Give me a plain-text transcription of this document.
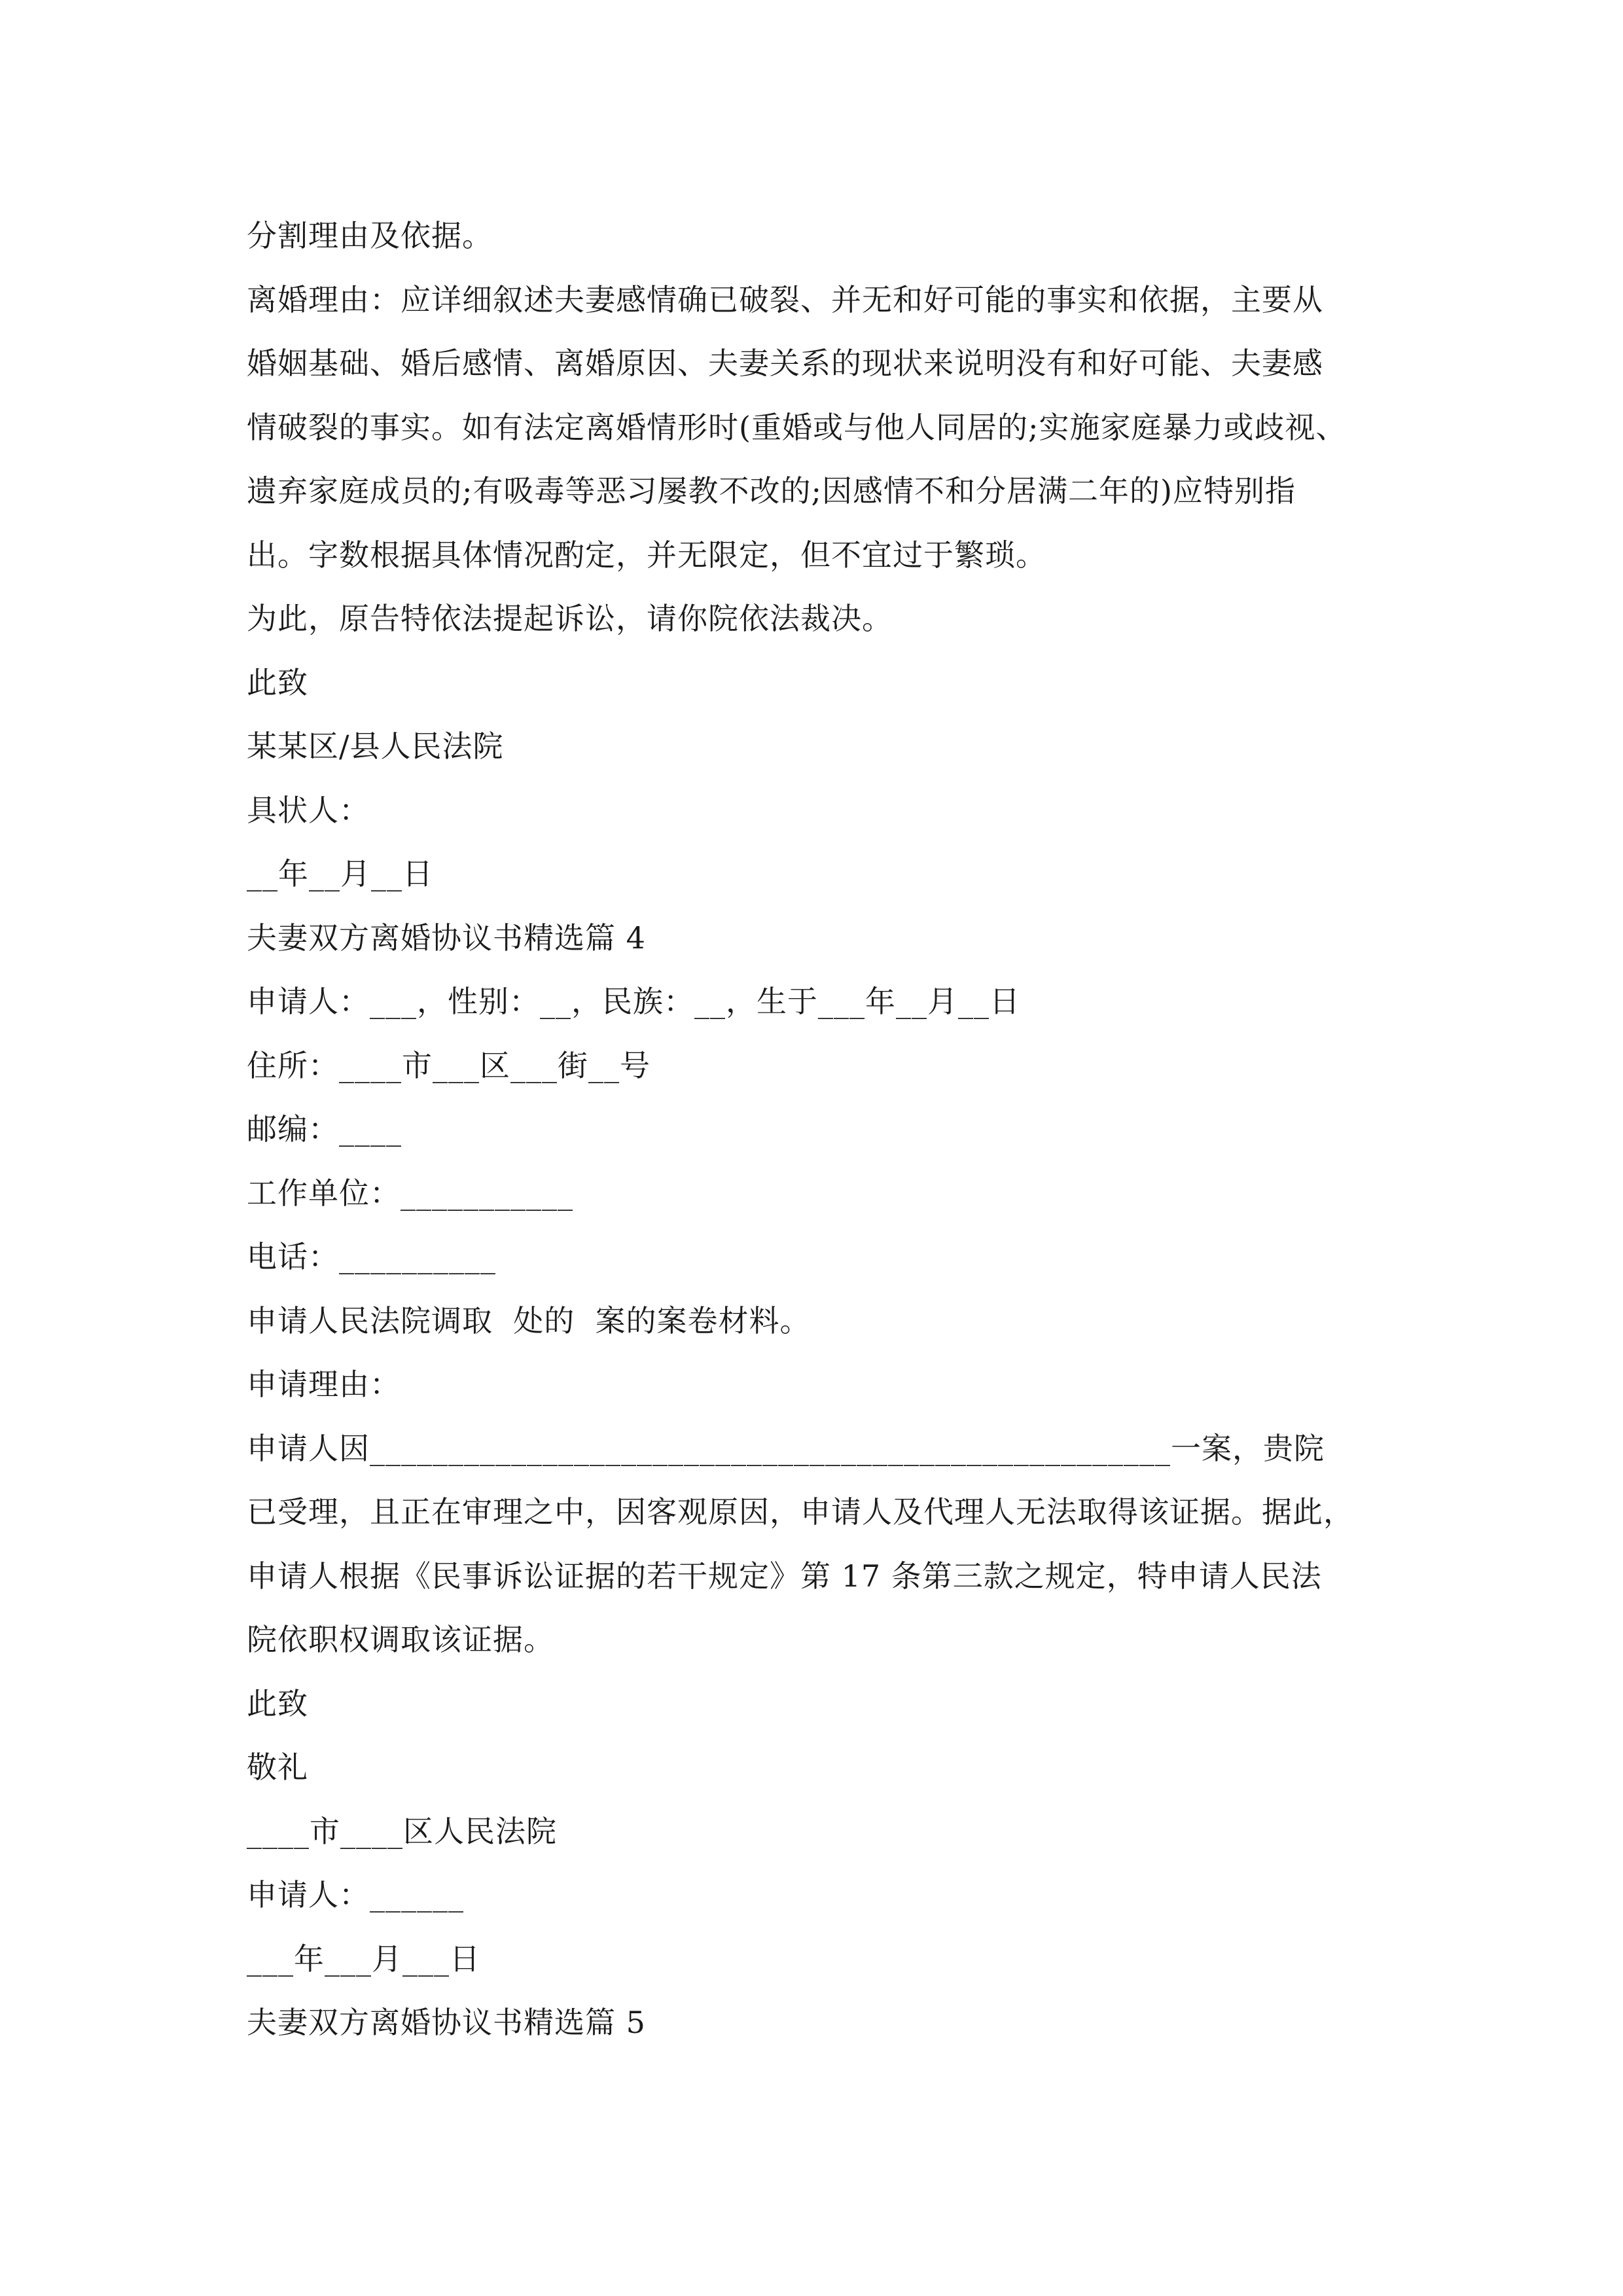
分割理由及依据。
离婚理由：应详细叙述夫妻感情确已破裂、并无和好可能的事实和依据，主要从
婚姻基础、婚后感情、离婚原因、夫妻关系的现状来说明没有和好可能、夫妻感
情破裂的事实。如有法定离婚情形时(重婚或与他人同居的;实施家庭暴力或歧视、
遗弃家庭成员的;有吸毒等恶习屡教不改的;因感情不和分居满二年的)应特别指
出。字数根据具体情况酌定，并无限定，但不宜过于繁琐。
为此，原告特依法提起诉讼，请你院依法裁决。
此致
某某区/县人民法院
具状人：
__年__月__日
夫妻双方离婚协议书精选篇 4
申请人：___，性别：__，民族：__，生于___年__月__日
住所：____市___区___街__号
邮编：____
工作单位：___________
电话：__________
申请人民法院调取  处的  案的案卷材料。
申请理由：
申请人因___________________________________________________一案，贵院
已受理，且正在审理之中，因客观原因，申请人及代理人无法取得该证据。据此，
申请人根据《民事诉讼证据的若干规定》第 17 条第三款之规定，特申请人民法
院依职权调取该证据。
此致
敬礼
____市____区人民法院
申请人：______
___年___月___日
夫妻双方离婚协议书精选篇 5
